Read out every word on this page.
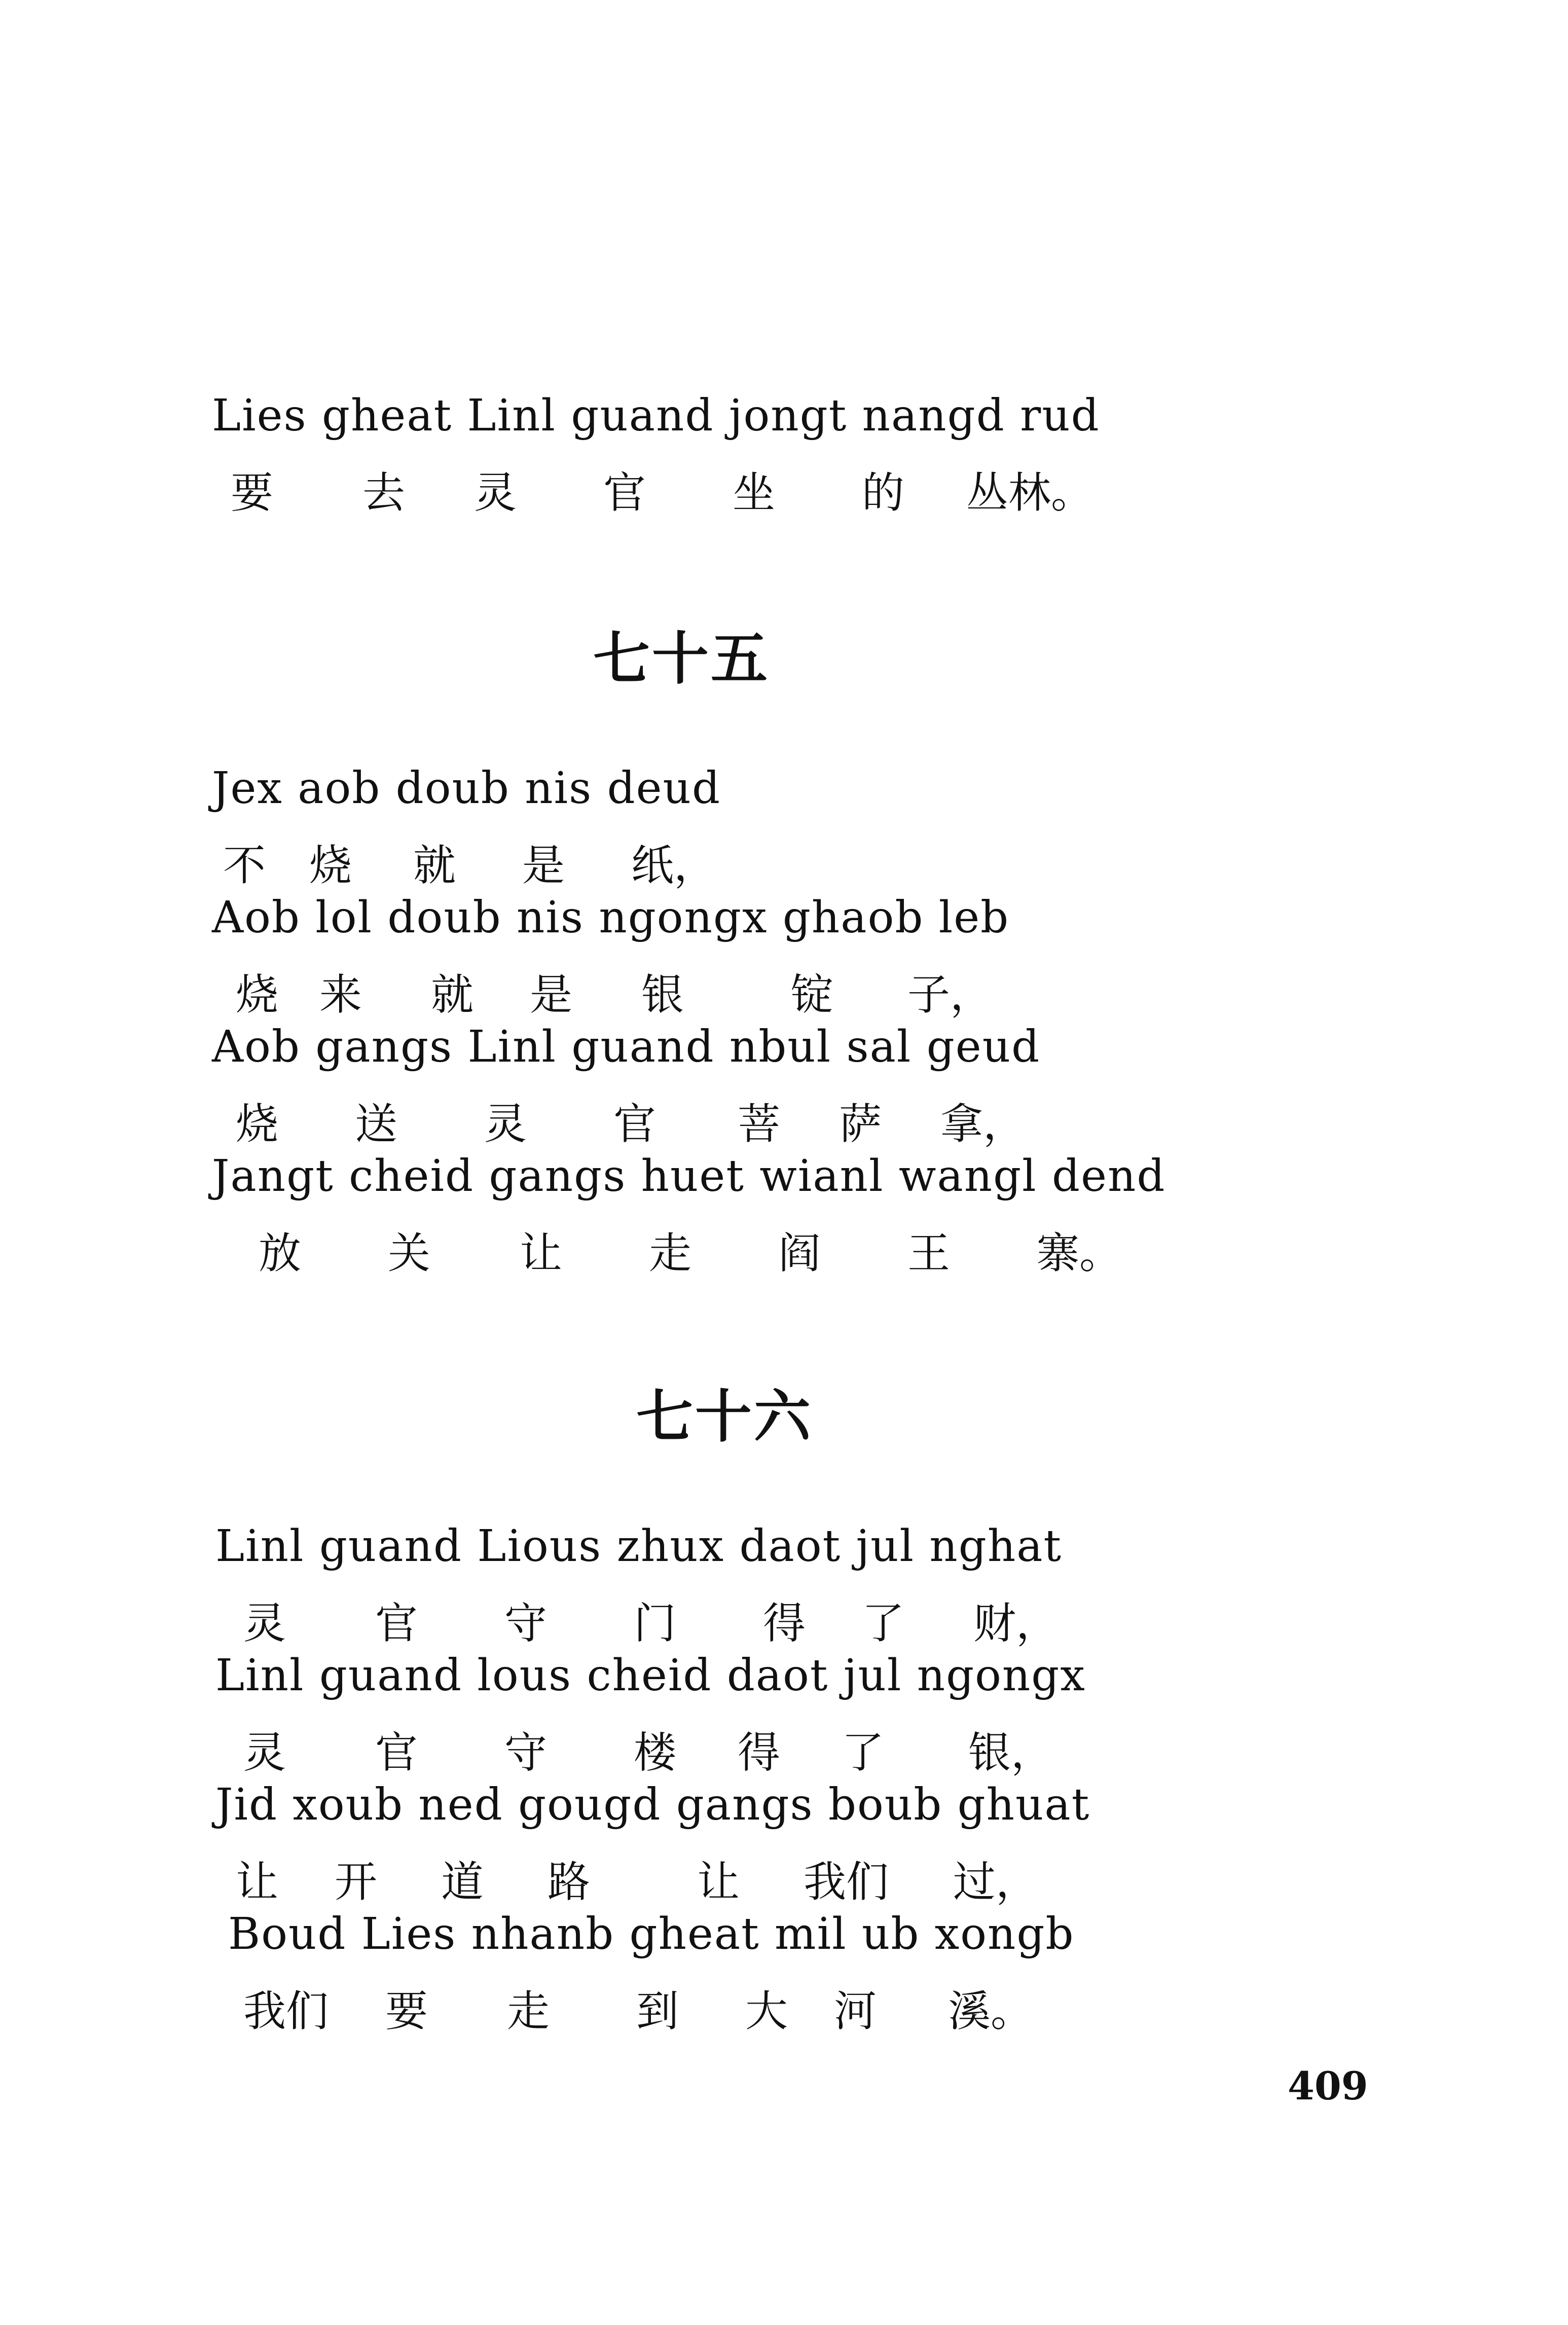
Lies gheat Linl guand jongt nangd rud
要 去 灵 官 坐 的 丛林。
七十五
Jex aob doub nis deud
不 烧 就 是 纸，
Aob lol doub nis ngongx ghaob leb
烧 来 就 是 银	锭 子，
Aob gangs Linl guand nbul sal geud
烧 送 灵 官 菩 萨 拿，
Jangt cheid gangs huet wianl wangl dend
放 关 让 走 阎 王 寨。
七十六
Linl guand Lious zhux daot jul nghat
灵 官 守 门 得 了 财，
Linl guand lous cheid daot jul ngongx
灵 官 守 楼 得 了 银，
Jid xoub ned gougd gangs boub ghuat
让 开 道 路	让 我们 过，
Boud Lies nhanb gheat mil ub xongb
我们 要 走 到 大 河 溪。
409
